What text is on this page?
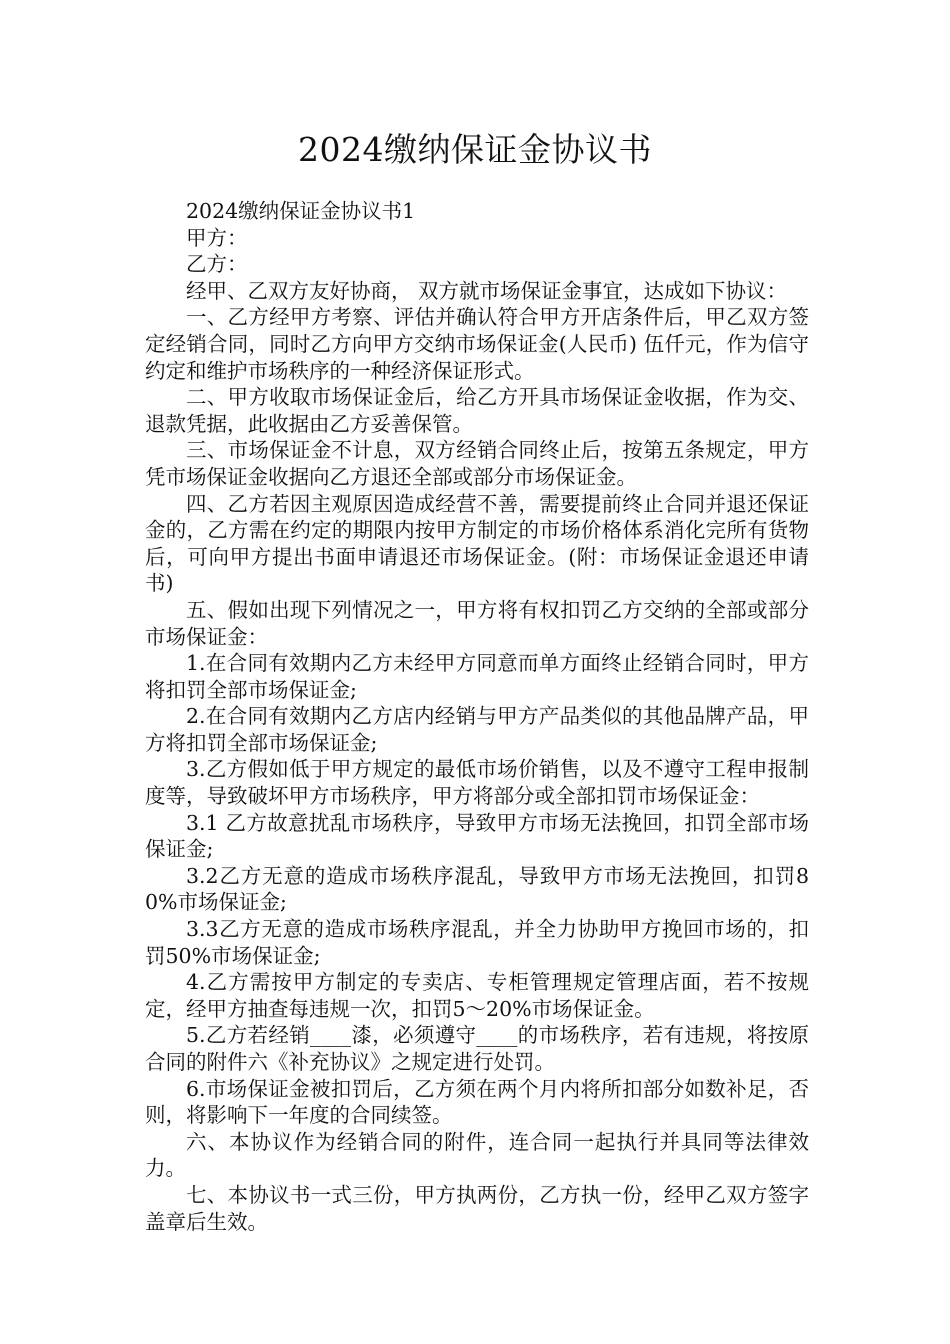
2024缴纳保证金协议书

2024缴纳保证金协议书1

甲方：

乙方：

经甲、乙双方友好协商， 双方就市场保证金事宜，达成如下协议：

一、乙方经甲方考察、评估并确认符合甲方开店条件后，甲乙双方签定经销合同，同时乙方向甲方交纳市场保证金(人民币) 伍仟元，作为信守约定和维护市场秩序的一种经济保证形式。

二、甲方收取市场保证金后，给乙方开具市场保证金收据，作为交、退款凭据，此收据由乙方妥善保管。

三、市场保证金不计息，双方经销合同终止后，按第五条规定，甲方凭市场保证金收据向乙方退还全部或部分市场保证金。

四、乙方若因主观原因造成经营不善，需要提前终止合同并退还保证金的，乙方需在约定的期限内按甲方制定的市场价格体系消化完所有货物后，可向甲方提出书面申请退还市场保证金。(附：市场保证金退还申请书)

五、假如出现下列情况之一，甲方将有权扣罚乙方交纳的全部或部分市场保证金：

1.在合同有效期内乙方未经甲方同意而单方面终止经销合同时，甲方将扣罚全部市场保证金;

2.在合同有效期内乙方店内经销与甲方产品类似的其他品牌产品，甲方将扣罚全部市场保证金;

3.乙方假如低于甲方规定的最低市场价销售，以及不遵守工程申报制度等，导致破坏甲方市场秩序，甲方将部分或全部扣罚市场保证金：

3.1 乙方故意扰乱市场秩序，导致甲方市场无法挽回，扣罚全部市场保证金;

3.2乙方无意的造成市场秩序混乱，导致甲方市场无法挽回，扣罚80%市场保证金;

3.3乙方无意的造成市场秩序混乱，并全力协助甲方挽回市场的，扣罚50%市场保证金;

4.乙方需按甲方制定的专卖店、专柜管理规定管理店面，若不按规定，经甲方抽查每违规一次，扣罚5～20%市场保证金。

5.乙方若经销____漆，必须遵守____的市场秩序，若有违规，将按原合同的附件六《补充协议》之规定进行处罚。

6.市场保证金被扣罚后，乙方须在两个月内将所扣部分如数补足，否则，将影响下一年度的合同续签。

六、本协议作为经销合同的附件，连合同一起执行并具同等法律效力。

七、本协议书一式三份，甲方执两份，乙方执一份，经甲乙双方签字盖章后生效。
